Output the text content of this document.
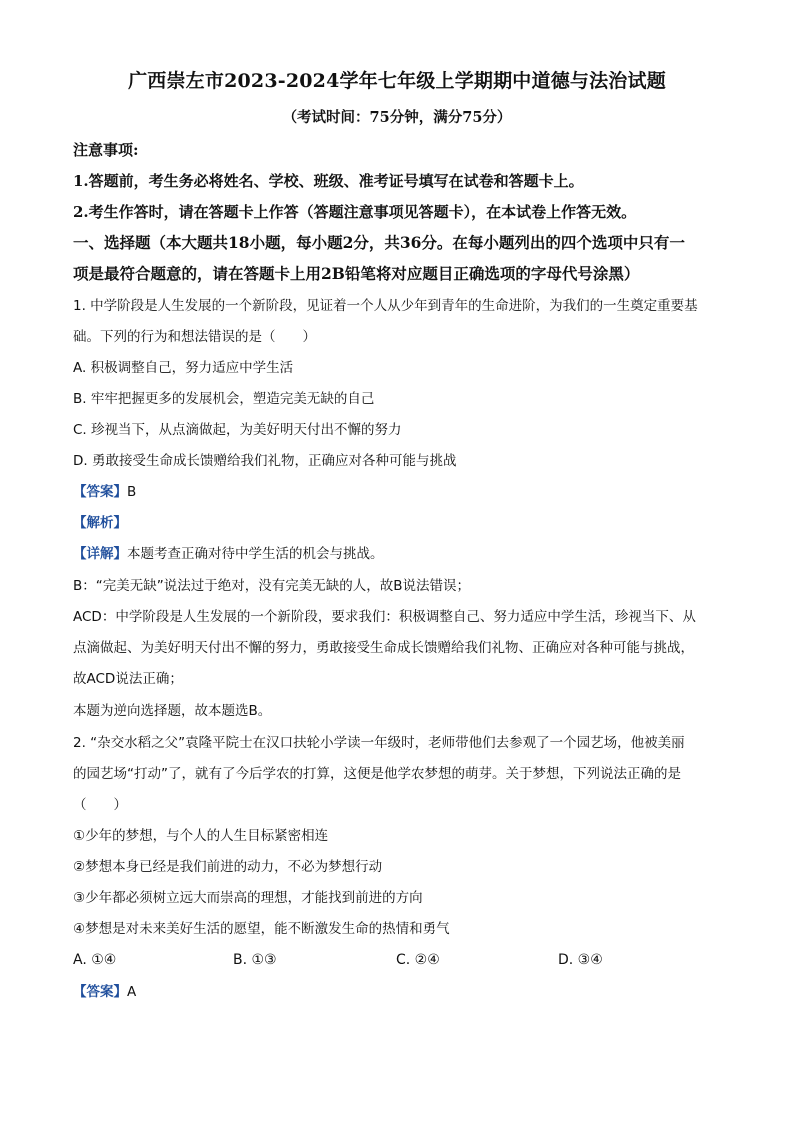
广西崇左市2023-2024学年七年级上学期期中道德与法治试题
（考试时间：75分钟，满分75分）
注意事项:
1.答题前，考生务必将姓名、学校、班级、准考证号填写在试卷和答题卡上。
2.考生作答时，请在答题卡上作答（答题注意事项见答题卡），在本试卷上作答无效。
一、选择题（本大题共18小题，每小题2分，共36分。在每小题列出的四个选项中只有一
项是最符合题意的，请在答题卡上用2B铅笔将对应题目正确选项的字母代号涂黑）
1. 中学阶段是人生发展的一个新阶段，见证着一个人从少年到青年的生命进阶，为我们的一生奠定重要基
础。下列的行为和想法错误的是（　　）
A. 积极调整自己，努力适应中学生活
B. 牢牢把握更多的发展机会，塑造完美无缺的自己
C. 珍视当下，从点滴做起，为美好明天付出不懈的努力
D. 勇敢接受生命成长馈赠给我们礼物，正确应对各种可能与挑战
【答案】B
【解析】
【详解】本题考查正确对待中学生活的机会与挑战。
B：“完美无缺”说法过于绝对，没有完美无缺的人，故B说法错误；
ACD：中学阶段是人生发展的一个新阶段，要求我们：积极调整自己、努力适应中学生活，珍视当下、从
点滴做起、为美好明天付出不懈的努力，勇敢接受生命成长馈赠给我们礼物、正确应对各种可能与挑战，
故ACD说法正确；
本题为逆向选择题，故本题选B。
2. “杂交水稻之父”袁隆平院士在汉口扶轮小学读一年级时，老师带他们去参观了一个园艺场，他被美丽
的园艺场“打动”了，就有了今后学农的打算，这便是他学农梦想的萌芽。关于梦想，下列说法正确的是
（　　）
①少年的梦想，与个人的人生目标紧密相连
②梦想本身已经是我们前进的动力，不必为梦想行动
③少年都必须树立远大而崇高的理想，才能找到前进的方向
④梦想是对未来美好生活的愿望，能不断激发生命的热情和勇气
A. ①④	B. ①③	C. ②④	D. ③④
【答案】A
